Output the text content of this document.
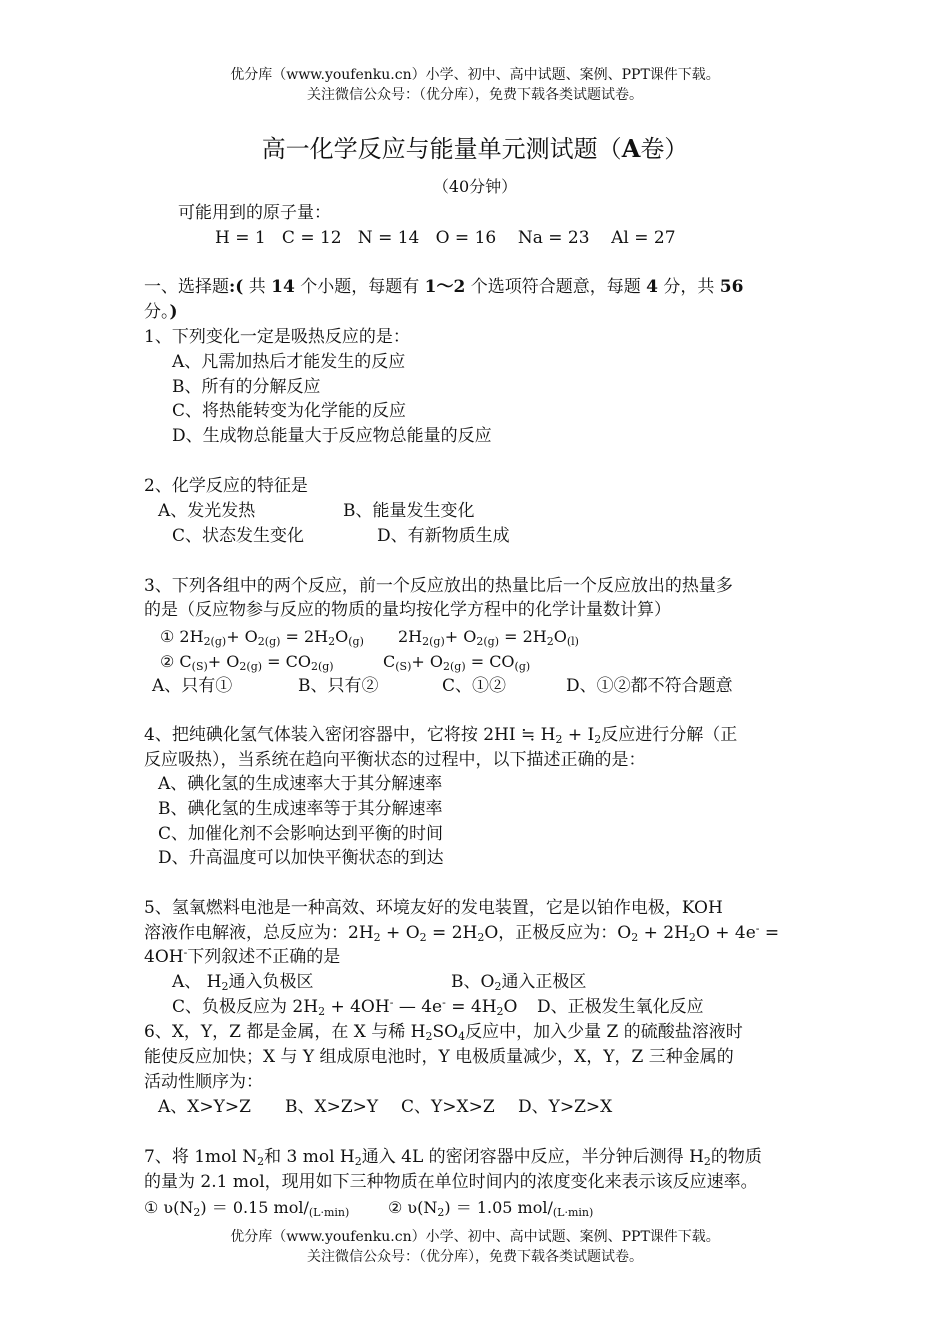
优分库（www.youfenku.cn）小学、初中、高中试题、案例、PPT课件下载。
关注微信公众号：（优分库），免费下载各类试题试卷。
高一化学反应与能量单元测试题（A卷）
（40分钟）
可能用到的原子量：
H = 1   C = 12   N = 14   O = 16    Na = 23    Al = 27
一、选择题:( 共 14 个小题，每题有 1～2 个选项符合题意，每题 4 分，共 56
分。)
1、下列变化一定是吸热反应的是：
A、凡需加热后才能发生的反应
B、所有的分解反应
C、将热能转变为化学能的反应
D、生成物总能量大于反应物总能量的反应
2、化学反应的特征是
A、发光发热	B、能量发生变化
C、状态发生变化	D、有新物质生成
3、下列各组中的两个反应，前一个反应放出的热量比后一个反应放出的热量多
的是（反应物参与反应的物质的量均按化学方程中的化学计量数计算）
① $2H_{2(g)}+ O_{2(g)} = 2H_2O_{(g)}$ $2H_{2(g)}+ O_{2(g)} = 2H_2O_{(l)}$
② $C_{(S)}+ O_{2(g)} = CO_{2(g)}$	$C_{(S)}+ O_{2(g)} = CO_{(g)}$
A、只有①	B、只有②	C、①②	D、①②都不符合题意
4、把纯碘化氢气体装入密闭容器中，它将按 2HI ≒ $H_2 + I_2$反应进行分解（正
反应吸热），当系统在趋向平衡状态的过程中，以下描述正确的是：
A、碘化氢的生成速率大于其分解速率
B、碘化氢的生成速率等于其分解速率
C、加催化剂不会影响达到平衡的时间
D、升高温度可以加快平衡状态的到达
5、氢氧燃料电池是一种高效、环境友好的发电装置，它是以铂作电极，KOH
溶液作电解液，总反应为：$2H_2 + O_2 = 2H_2O$，正极反应为：$O_2 + 2H_2O + 4e^-$ =
4OH-下列叙述不正确的是
A、 $H_2$通入负极区	B、$O_2$通入正极区
C、负极反应为 $2H_2 + 4OH^-$ — $4e^- = 4H_2O$ D、正极发生氧化反应
6、X，Y，Z 都是金属，在 X 与稀 $H_2SO_4$反应中，加入少量 Z 的硫酸盐溶液时
能使反应加快；X 与 Y 组成原电池时，Y 电极质量减少，X，Y，Z 三种金属的
活动性顺序为：
A、X>Y>Z B、X>Z>Y C、Y>X>Z D、Y>Z>X
7、将 1mol $N_2$和 3 mol $H_2$通入 4L 的密闭容器中反应，半分钟后测得 $H_2$的物质
的量为 2.1 mol，现用如下三种物质在单位时间内的浓度变化来表示该反应速率。
① $ʋ(N_2) = 0.15$ mol/$_{(L\cdot min)}$ ② $ʋ(N_2) = 1.05$ mol/$_{(L\cdot min)}$
优分库（www.youfenku.cn）小学、初中、高中试题、案例、PPT课件下载。
关注微信公众号：（优分库），免费下载各类试题试卷。
